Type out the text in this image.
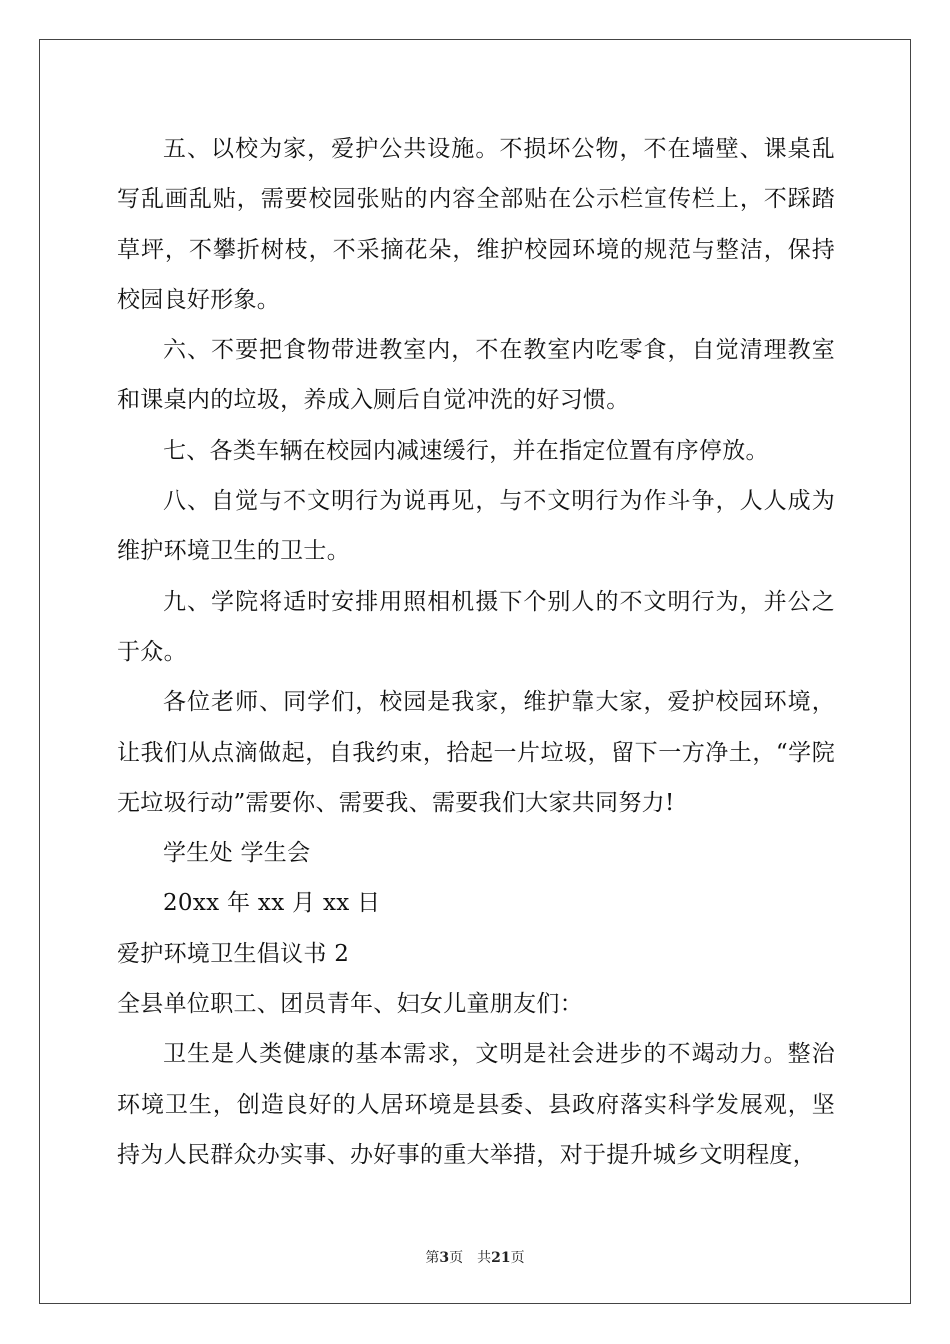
五、以校为家，爱护公共设施。不损坏公物，不在墙壁、课桌乱写乱画乱贴，需要校园张贴的内容全部贴在公示栏宣传栏上，不踩踏草坪，不攀折树枝，不采摘花朵，维护校园环境的规范与整洁，保持校园良好形象。

六、不要把食物带进教室内，不在教室内吃零食，自觉清理教室和课桌内的垃圾，养成入厕后自觉冲洗的好习惯。

七、各类车辆在校园内减速缓行，并在指定位置有序停放。

八、自觉与不文明行为说再见，与不文明行为作斗争，人人成为维护环境卫生的卫士。

九、学院将适时安排用照相机摄下个别人的不文明行为，并公之于众。

各位老师、同学们，校园是我家，维护靠大家，爱护校园环境，让我们从点滴做起，自我约束，拾起一片垃圾，留下一方净土，“学院无垃圾行动”需要你、需要我、需要我们大家共同努力!

学生处 学生会

20xx 年 xx 月 xx 日

爱护环境卫生倡议书 2

全县单位职工、团员青年、妇女儿童朋友们：

卫生是人类健康的基本需求，文明是社会进步的不竭动力。整治环境卫生，创造良好的人居环境是县委、县政府落实科学发展观，坚持为人民群众办实事、办好事的重大举措，对于提升城乡文明程度，

第3页 共21页
